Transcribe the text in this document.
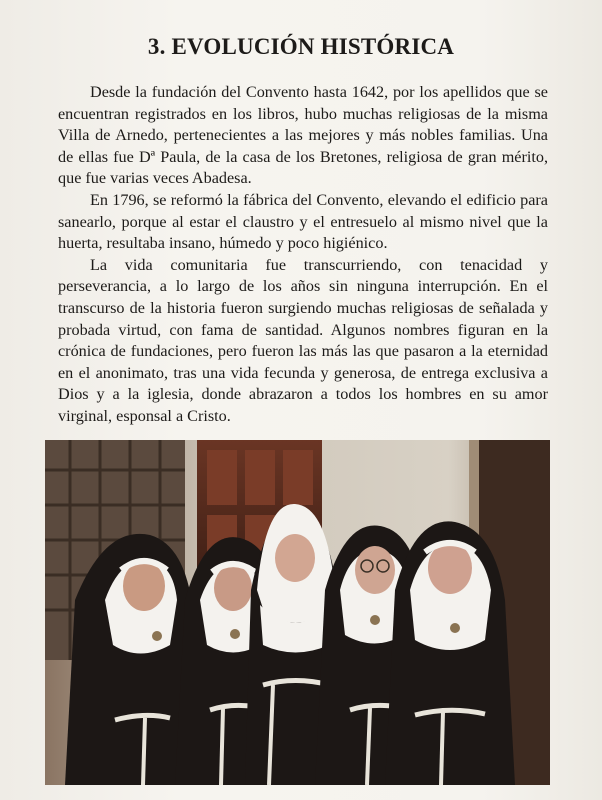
3. EVOLUCIÓN HISTÓRICA

Desde la fundación del Convento hasta 1642, por los apellidos que se encuentran registrados en los libros, hubo muchas religiosas de la misma Villa de Arnedo, pertenecientes a las mejores y más nobles familias. Una de ellas fue Dª Paula, de la casa de los Bretones, religiosa de gran mérito, que fue varias veces Abadesa.

En 1796, se reformó la fábrica del Convento, elevando el edificio para sanearlo, porque al estar el claustro y el entresuelo al mismo nivel que la huerta, resultaba insano, húmedo y poco higiénico.

La vida comunitaria fue transcurriendo, con tenacidad y perseverancia, a lo largo de los años sin ninguna interrupción. En el transcurso de la historia fueron surgiendo muchas religiosas de señalada y probada virtud, con fama de santidad. Algunos nombres figuran en la crónica de fundaciones, pero fueron las más las que pasaron a la eternidad en el anonimato, tras una vida fecunda y generosa, de entrega exclusiva a Dios y a la iglesia, donde abrazaron a todos los hombres en su amor virginal, esponsal a Cristo.
